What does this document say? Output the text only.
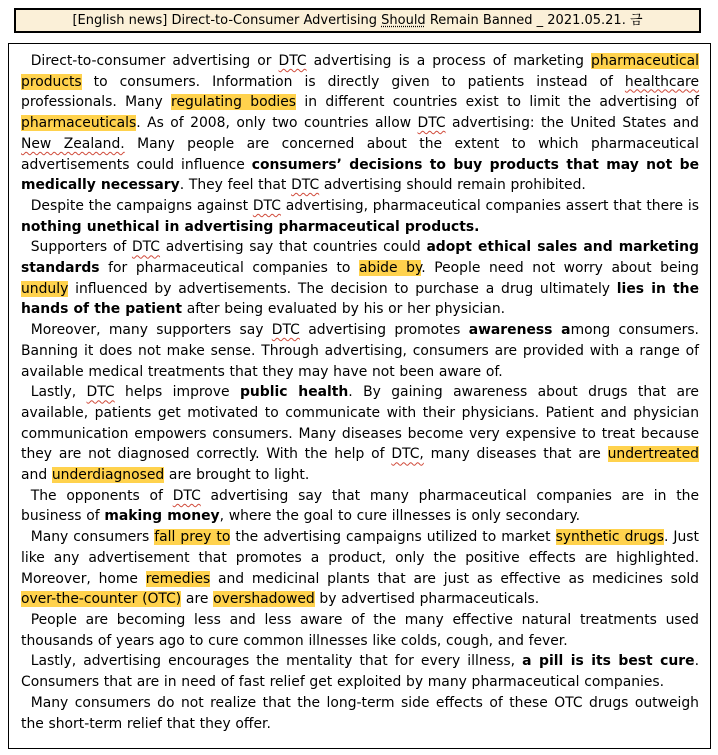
[English news] Direct-to-Consumer Advertising Should Remain Banned _ 2021.05.21. 금

Direct-to-consumer advertising or DTC advertising is a process of marketing pharmaceutical products to consumers. Information is directly given to patients instead of healthcare professionals. Many regulating bodies in different countries exist to limit the advertising of pharmaceuticals. As of 2008, only two countries allow DTC advertising: the United States and New Zealand. Many people are concerned about the extent to which pharmaceutical advertisements could influence consumers’ decisions to buy products that may not be medically necessary. They feel that DTC advertising should remain prohibited.

Despite the campaigns against DTC advertising, pharmaceutical companies assert that there is nothing unethical in advertising pharmaceutical products.

Supporters of DTC advertising say that countries could adopt ethical sales and marketing standards for pharmaceutical companies to abide by. People need not worry about being unduly influenced by advertisements. The decision to purchase a drug ultimately lies in the hands of the patient after being evaluated by his or her physician.

Moreover, many supporters say DTC advertising promotes awareness among consumers. Banning it does not make sense. Through advertising, consumers are provided with a range of available medical treatments that they may have not been aware of.

Lastly, DTC helps improve public health. By gaining awareness about drugs that are available, patients get motivated to communicate with their physicians. Patient and physician communication empowers consumers. Many diseases become very expensive to treat because they are not diagnosed correctly. With the help of DTC, many diseases that are undertreated and underdiagnosed are brought to light.

The opponents of DTC advertising say that many pharmaceutical companies are in the business of making money, where the goal to cure illnesses is only secondary.

Many consumers fall prey to the advertising campaigns utilized to market synthetic drugs. Just like any advertisement that promotes a product, only the positive effects are highlighted. Moreover, home remedies and medicinal plants that are just as effective as medicines sold over-the-counter (OTC) are overshadowed by advertised pharmaceuticals.

People are becoming less and less aware of the many effective natural treatments used thousands of years ago to cure common illnesses like colds, cough, and fever.

Lastly, advertising encourages the mentality that for every illness, a pill is its best cure. Consumers that are in need of fast relief get exploited by many pharmaceutical companies.

Many consumers do not realize that the long-term side effects of these OTC drugs outweigh the short-term relief that they offer.
